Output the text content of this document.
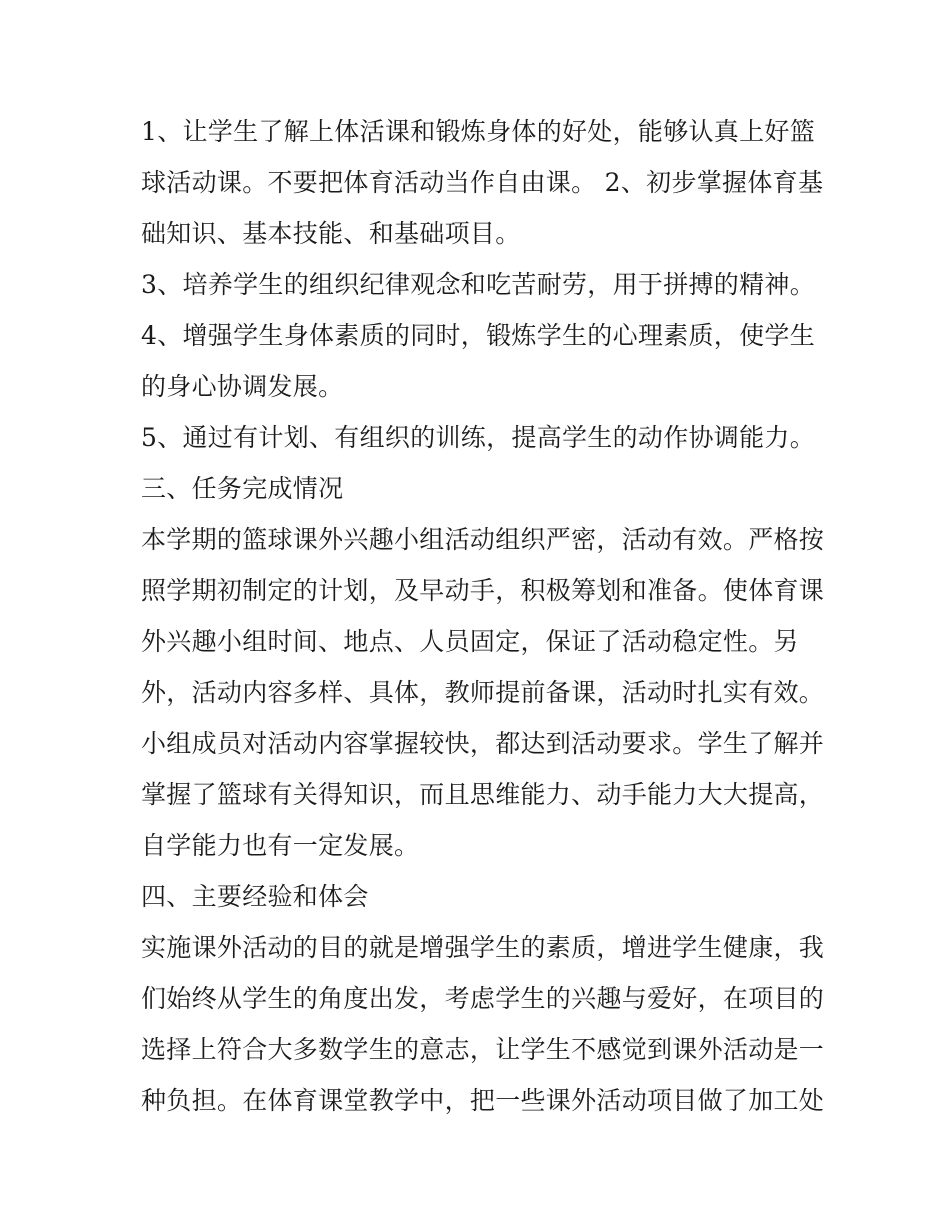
1、让学生了解上体活课和锻炼身体的好处，能够认真上好篮
球活动课。不要把体育活动当作自由课。 2、初步掌握体育基
础知识、基本技能、和基础项目。
3、培养学生的组织纪律观念和吃苦耐劳，用于拼搏的精神。
4、增强学生身体素质的同时，锻炼学生的心理素质，使学生
的身心协调发展。
5、通过有计划、有组织的训练，提高学生的动作协调能力。
三、任务完成情况
本学期的篮球课外兴趣小组活动组织严密，活动有效。严格按
照学期初制定的计划，及早动手，积极筹划和准备。使体育课
外兴趣小组时间、地点、人员固定，保证了活动稳定性。另
外，活动内容多样、具体，教师提前备课，活动时扎实有效。
小组成员对活动内容掌握较快，都达到活动要求。学生了解并
掌握了篮球有关得知识，而且思维能力、动手能力大大提高，
自学能力也有一定发展。
四、主要经验和体会
实施课外活动的目的就是增强学生的素质，增进学生健康，我
们始终从学生的角度出发，考虑学生的兴趣与爱好，在项目的
选择上符合大多数学生的意志，让学生不感觉到课外活动是一
种负担。在体育课堂教学中，把一些课外活动项目做了加工处
